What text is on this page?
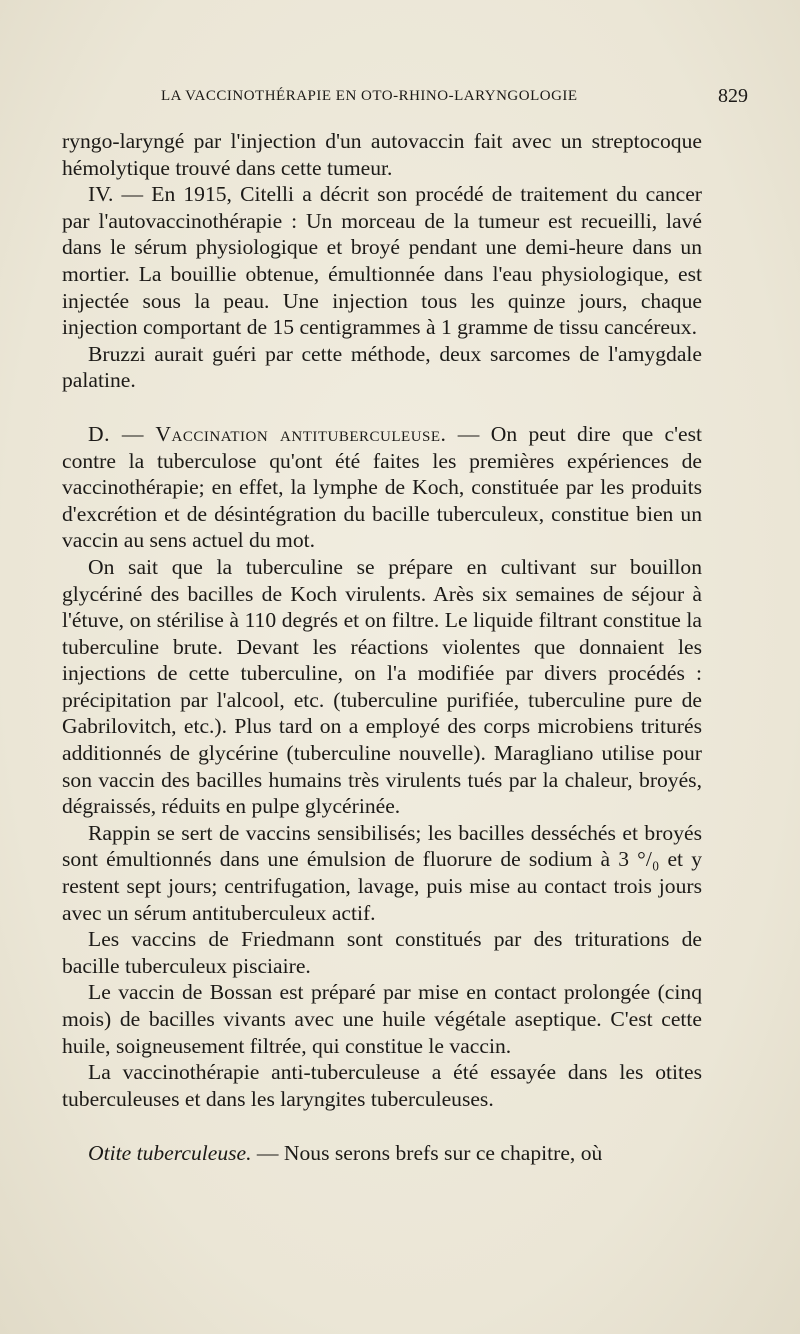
LA VACCINOTHÉRAPIE EN OTO-RHINO-LARYNGOLOGIE	829

ryngo-laryngé par l'injection d'un autovaccin fait avec un streptocoque hémolytique trouvé dans cette tumeur.

IV. — En 1915, Citelli a décrit son procédé de traitement du cancer par l'autovaccinothérapie : Un morceau de la tumeur est recueilli, lavé dans le sérum physiologique et broyé pendant une demi-heure dans un mortier. La bouillie obtenue, émultionnée dans l'eau physiologique, est injectée sous la peau. Une injection tous les quinze jours, chaque injection comportant de 15 centigrammes à 1 gramme de tissu cancéreux.

Bruzzi aurait guéri par cette méthode, deux sarcomes de l'amygdale palatine.

D. — Vaccination antituberculeuse. — On peut dire que c'est contre la tuberculose qu'ont été faites les premières expériences de vaccinothérapie; en effet, la lymphe de Koch, constituée par les produits d'excrétion et de désintégration du bacille tuberculeux, constitue bien un vaccin au sens actuel du mot.

On sait que la tuberculine se prépare en cultivant sur bouillon glycériné des bacilles de Koch virulents. Arès six semaines de séjour à l'étuve, on stérilise à 110 degrés et on filtre. Le liquide filtrant constitue la tuberculine brute. Devant les réactions violentes que donnaient les injections de cette tuberculine, on l'a modifiée par divers procédés : précipitation par l'alcool, etc. (tuberculine purifiée, tuberculine pure de Gabrilovitch, etc.). Plus tard on a employé des corps microbiens triturés additionnés de glycérine (tuberculine nouvelle). Maragliano utilise pour son vaccin des bacilles humains très virulents tués par la chaleur, broyés, dégraissés, réduits en pulpe glycérinée.

Rappin se sert de vaccins sensibilisés; les bacilles desséchés et broyés sont émultionnés dans une émulsion de fluorure de sodium à 3 °/₀ et y restent sept jours; centrifugation, lavage, puis mise au contact trois jours avec un sérum antituberculeux actif.

Les vaccins de Friedmann sont constitués par des triturations de bacille tuberculeux pisciaire.

Le vaccin de Bossan est préparé par mise en contact prolongée (cinq mois) de bacilles vivants avec une huile végétale aseptique. C'est cette huile, soigneusement filtrée, qui constitue le vaccin.

La vaccinothérapie anti-tuberculeuse a été essayée dans les otites tuberculeuses et dans les laryngites tuberculeuses.

Otite tuberculeuse. — Nous serons brefs sur ce chapitre, où
